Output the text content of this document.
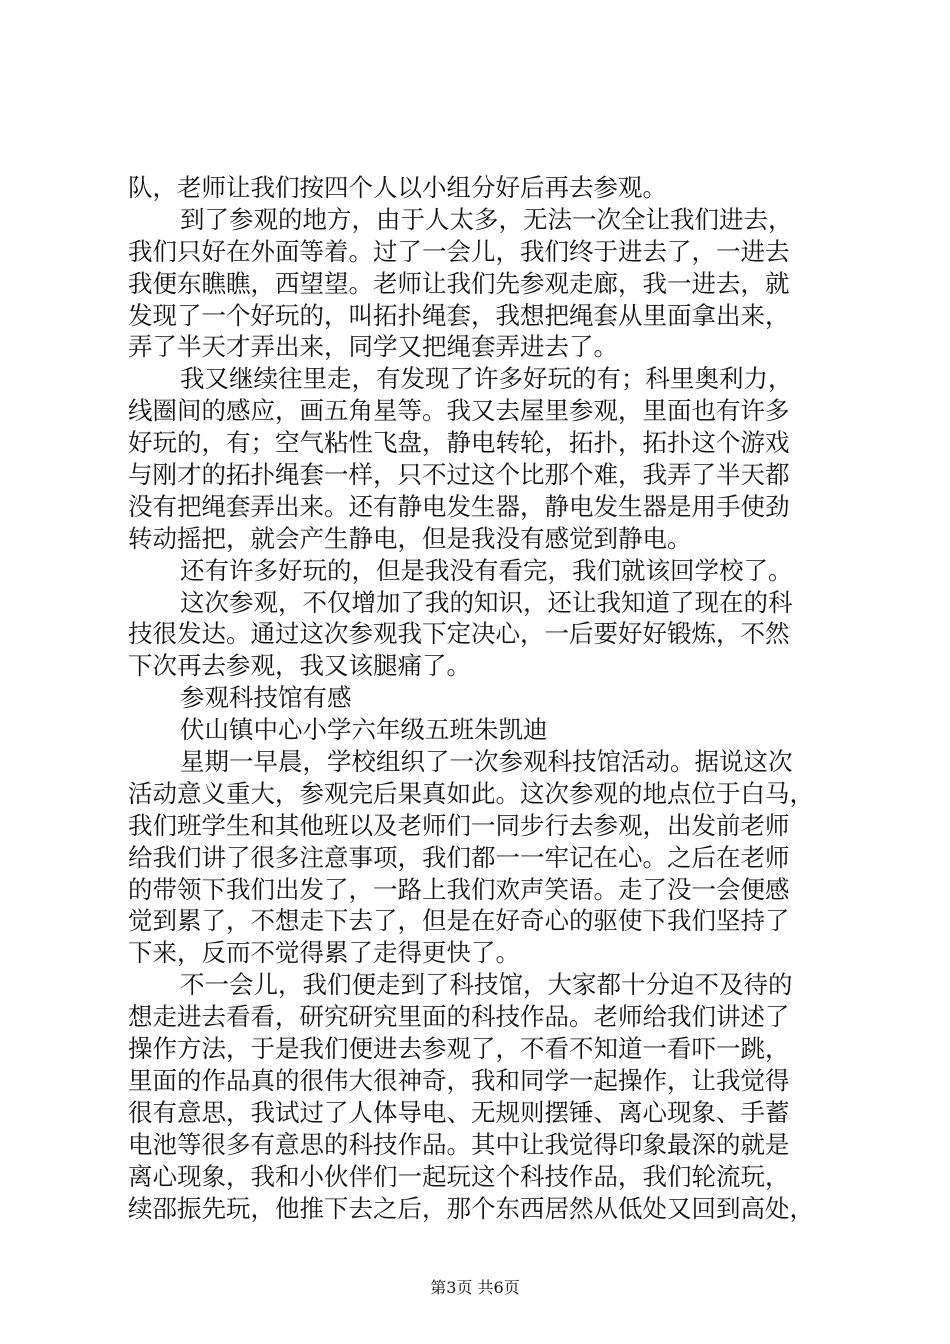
队，老师让我们按四个人以小组分好后再去参观。
到了参观的地方，由于人太多，无法一次全让我们进去，
我们只好在外面等着。过了一会儿，我们终于进去了，一进去
我便东瞧瞧，西望望。老师让我们先参观走廊，我一进去，就
发现了一个好玩的，叫拓扑绳套，我想把绳套从里面拿出来，
弄了半天才弄出来，同学又把绳套弄进去了。
我又继续往里走，有发现了许多好玩的有；科里奥利力，
线圈间的感应，画五角星等。我又去屋里参观，里面也有许多
好玩的，有；空气粘性飞盘，静电转轮，拓扑，拓扑这个游戏
与刚才的拓扑绳套一样，只不过这个比那个难，我弄了半天都
没有把绳套弄出来。还有静电发生器，静电发生器是用手使劲
转动摇把，就会产生静电，但是我没有感觉到静电。
还有许多好玩的，但是我没有看完，我们就该回学校了。
这次参观，不仅增加了我的知识，还让我知道了现在的科
技很发达。通过这次参观我下定决心，一后要好好锻炼，不然
下次再去参观，我又该腿痛了。
参观科技馆有感
伏山镇中心小学六年级五班朱凯迪
星期一早晨，学校组织了一次参观科技馆活动。据说这次
活动意义重大，参观完后果真如此。这次参观的地点位于白马，
我们班学生和其他班以及老师们一同步行去参观，出发前老师
给我们讲了很多注意事项，我们都一一牢记在心。之后在老师
的带领下我们出发了，一路上我们欢声笑语。走了没一会便感
觉到累了，不想走下去了，但是在好奇心的驱使下我们坚持了
下来，反而不觉得累了走得更快了。
不一会儿，我们便走到了科技馆，大家都十分迫不及待的
想走进去看看，研究研究里面的科技作品。老师给我们讲述了
操作方法，于是我们便进去参观了，不看不知道一看吓一跳，
里面的作品真的很伟大很神奇，我和同学一起操作，让我觉得
很有意思，我试过了人体导电、无规则摆锤、离心现象、手蓄
电池等很多有意思的科技作品。其中让我觉得印象最深的就是
离心现象，我和小伙伴们一起玩这个科技作品，我们轮流玩，
续邵振先玩，他推下去之后，那个东西居然从低处又回到高处，
第3页 共6页
